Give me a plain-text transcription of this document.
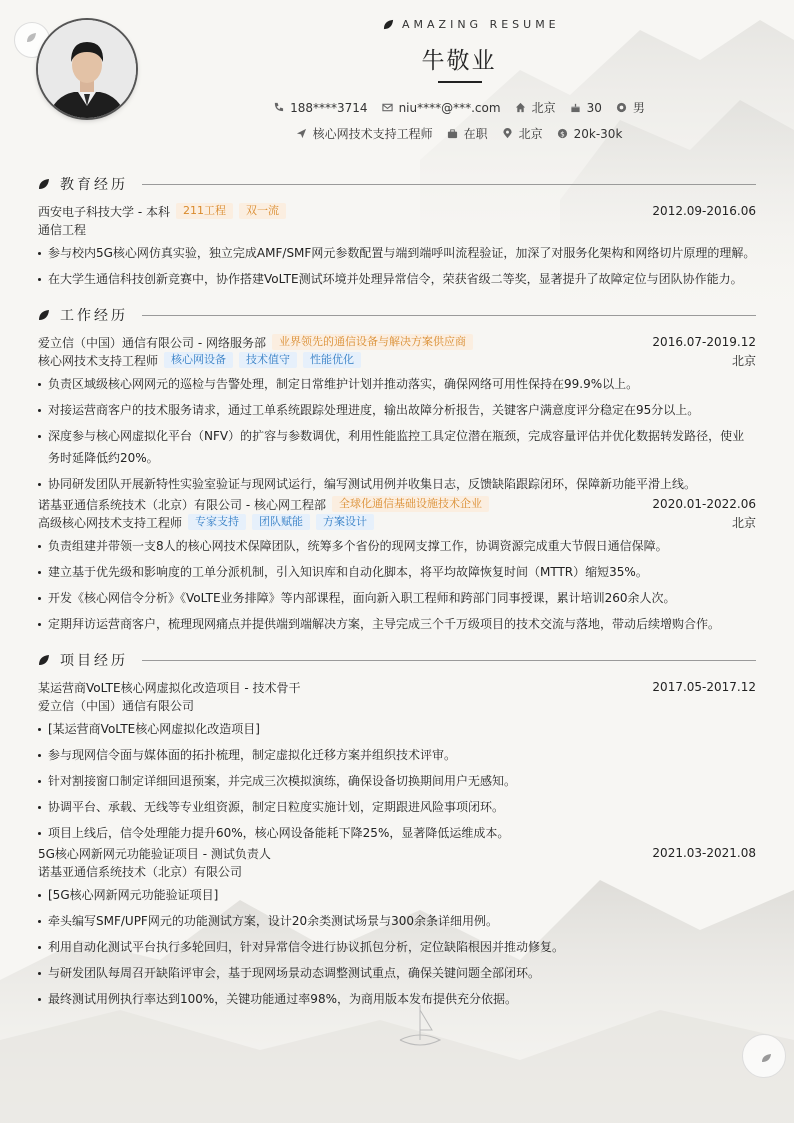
AMAZING RESUME
牛敬业
188****3714	niu****@***.com	北京	30	男
核心网技术支持工程师	在职	北京 $ 20k-30k
教育经历
西安电子科技大学 - 本科	211工程	双一流	2012.09-2016.06
通信工程
参与校内5G核心网仿真实验，独立完成AMF/SMF网元参数配置与端到端呼叫流程验证，加深了对服务化架构和网络切片原理的理解。
在大学生通信科技创新竞赛中，协作搭建VoLTE测试环境并处理异常信令，荣获省级二等奖，显著提升了故障定位与团队协作能力。
工作经历
爱立信（中国）通信有限公司 - 网络服务部	业界领先的通信设备与解决方案供应商	2016.07-2019.12
核心网技术支持工程师	核心网设备	技术值守	性能优化	北京
负责区域级核心网网元的巡检与告警处理，制定日常维护计划并推动落实，确保网络可用性保持在99.9%以上。
对接运营商客户的技术服务请求，通过工单系统跟踪处理进度，输出故障分析报告，关键客户满意度评分稳定在95分以上。
深度参与核心网虚拟化平台（NFV）的扩容与参数调优，利用性能监控工具定位潜在瓶颈，完成容量评估并优化数据转发路径，使业务时延降低约20%。
协同研发团队开展新特性实验室验证与现网试运行，编写测试用例并收集日志，反馈缺陷跟踪闭环，保障新功能平滑上线。
诺基亚通信系统技术（北京）有限公司 - 核心网工程部	全球化通信基础设施技术企业	2020.01-2022.06
高级核心网技术支持工程师	专家支持	团队赋能	方案设计	北京
负责组建并带领一支8人的核心网技术保障团队，统筹多个省份的现网支撑工作，协调资源完成重大节假日通信保障。
建立基于优先级和影响度的工单分派机制，引入知识库和自动化脚本，将平均故障恢复时间（MTTR）缩短35%。
开发《核心网信令分析》《VoLTE业务排障》等内部课程，面向新入职工程师和跨部门同事授课，累计培训260余人次。
定期拜访运营商客户，梳理现网痛点并提供端到端解决方案，主导完成三个千万级项目的技术交流与落地，带动后续增购合作。
项目经历
某运营商VoLTE核心网虚拟化改造项目 - 技术骨干	2017.05-2017.12
爱立信（中国）通信有限公司
[某运营商VoLTE核心网虚拟化改造项目]
参与现网信令面与媒体面的拓扑梳理，制定虚拟化迁移方案并组织技术评审。
针对割接窗口制定详细回退预案，并完成三次模拟演练，确保设备切换期间用户无感知。
协调平台、承载、无线等专业组资源，制定日粒度实施计划，定期跟进风险事项闭环。
项目上线后，信令处理能力提升60%，核心网设备能耗下降25%，显著降低运维成本。
5G核心网新网元功能验证项目 - 测试负责人	2021.03-2021.08
诺基亚通信系统技术（北京）有限公司
[5G核心网新网元功能验证项目]
牵头编写SMF/UPF网元的功能测试方案，设计20余类测试场景与300余条详细用例。
利用自动化测试平台执行多轮回归，针对异常信令进行协议抓包分析，定位缺陷根因并推动修复。
与研发团队每周召开缺陷评审会，基于现网场景动态调整测试重点，确保关键问题全部闭环。
最终测试用例执行率达到100%，关键功能通过率98%，为商用版本发布提供充分依据。
